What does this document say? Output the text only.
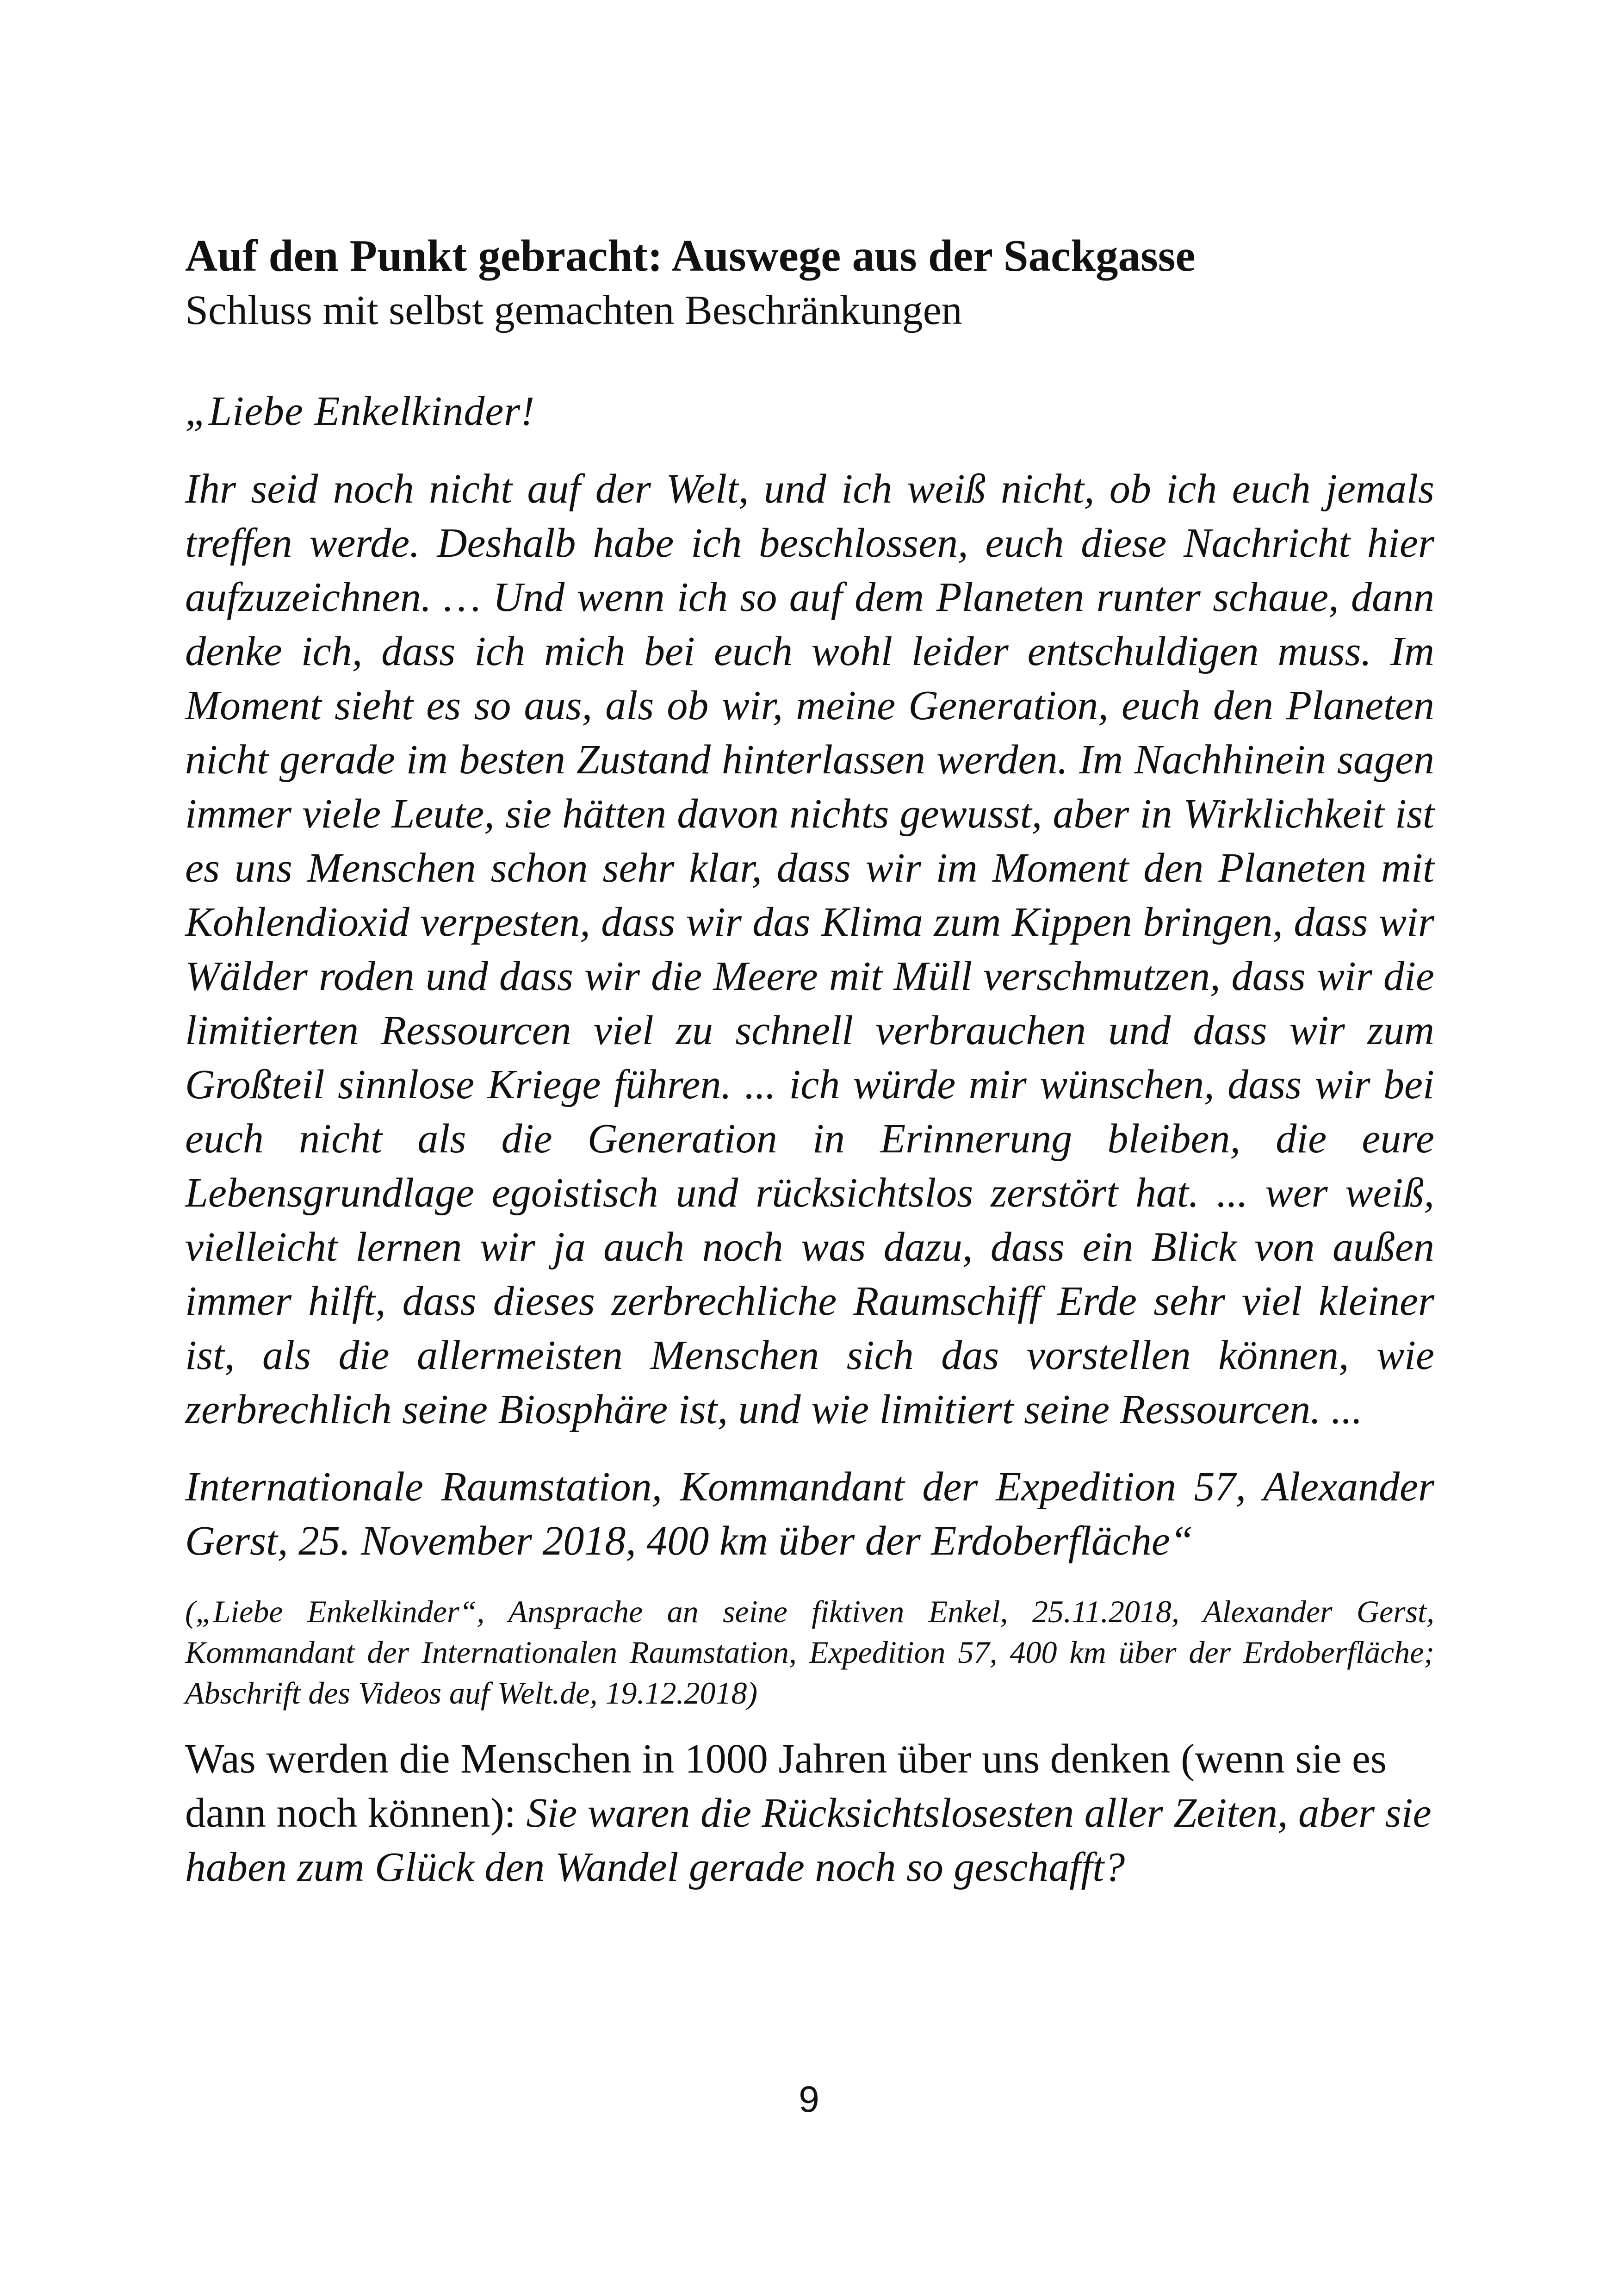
Auf den Punkt gebracht: Auswege aus der Sackgasse
Schluss mit selbst gemachten Beschränkungen
„Liebe Enkelkinder!

Ihr seid noch nicht auf der Welt, und ich weiß nicht, ob ich euch jemals treffen werde. Deshalb habe ich beschlossen, euch diese Nachricht hier aufzuzeichnen. … Und wenn ich so auf dem Planeten runter schaue, dann denke ich, dass ich mich bei euch wohl leider entschuldigen muss. Im Moment sieht es so aus, als ob wir, meine Generation, euch den Planeten nicht gerade im besten Zustand hinterlassen werden. Im Nachhinein sagen immer viele Leute, sie hätten davon nichts gewusst, aber in Wirklichkeit ist es uns Menschen schon sehr klar, dass wir im Moment den Planeten mit Kohlendioxid verpesten, dass wir das Klima zum Kippen bringen, dass wir Wälder roden und dass wir die Meere mit Müll verschmutzen, dass wir die limitierten Ressourcen viel zu schnell verbrauchen und dass wir zum Großteil sinnlose Kriege führen. ... ich würde mir wünschen, dass wir bei euch nicht als die Generation in Erinnerung bleiben, die eure Lebensgrundlage egoistisch und rücksichtslos zerstört hat. ... wer weiß, vielleicht lernen wir ja auch noch was dazu, dass ein Blick von außen immer hilft, dass dieses zerbrechliche Raumschiff Erde sehr viel kleiner ist, als die allermeisten Menschen sich das vorstellen können, wie zerbrechlich seine Biosphäre ist, und wie limitiert seine Ressourcen. ...

Internationale Raumstation, Kommandant der Expedition 57, Alexander Gerst, 25. November 2018, 400 km über der Erdoberfläche“

(„Liebe Enkelkinder“, Ansprache an seine fiktiven Enkel, 25.11.2018, Alexander Gerst, Kommandant der Internationalen Raumstation, Expedition 57, 400 km über der Erdoberfläche; Abschrift des Videos auf Welt.de, 19.12.2018)

Was werden die Menschen in 1000 Jahren über uns denken (wenn sie es dann noch können): Sie waren die Rücksichtslosesten aller Zeiten, aber sie haben zum Glück den Wandel gerade noch so geschafft?

9
